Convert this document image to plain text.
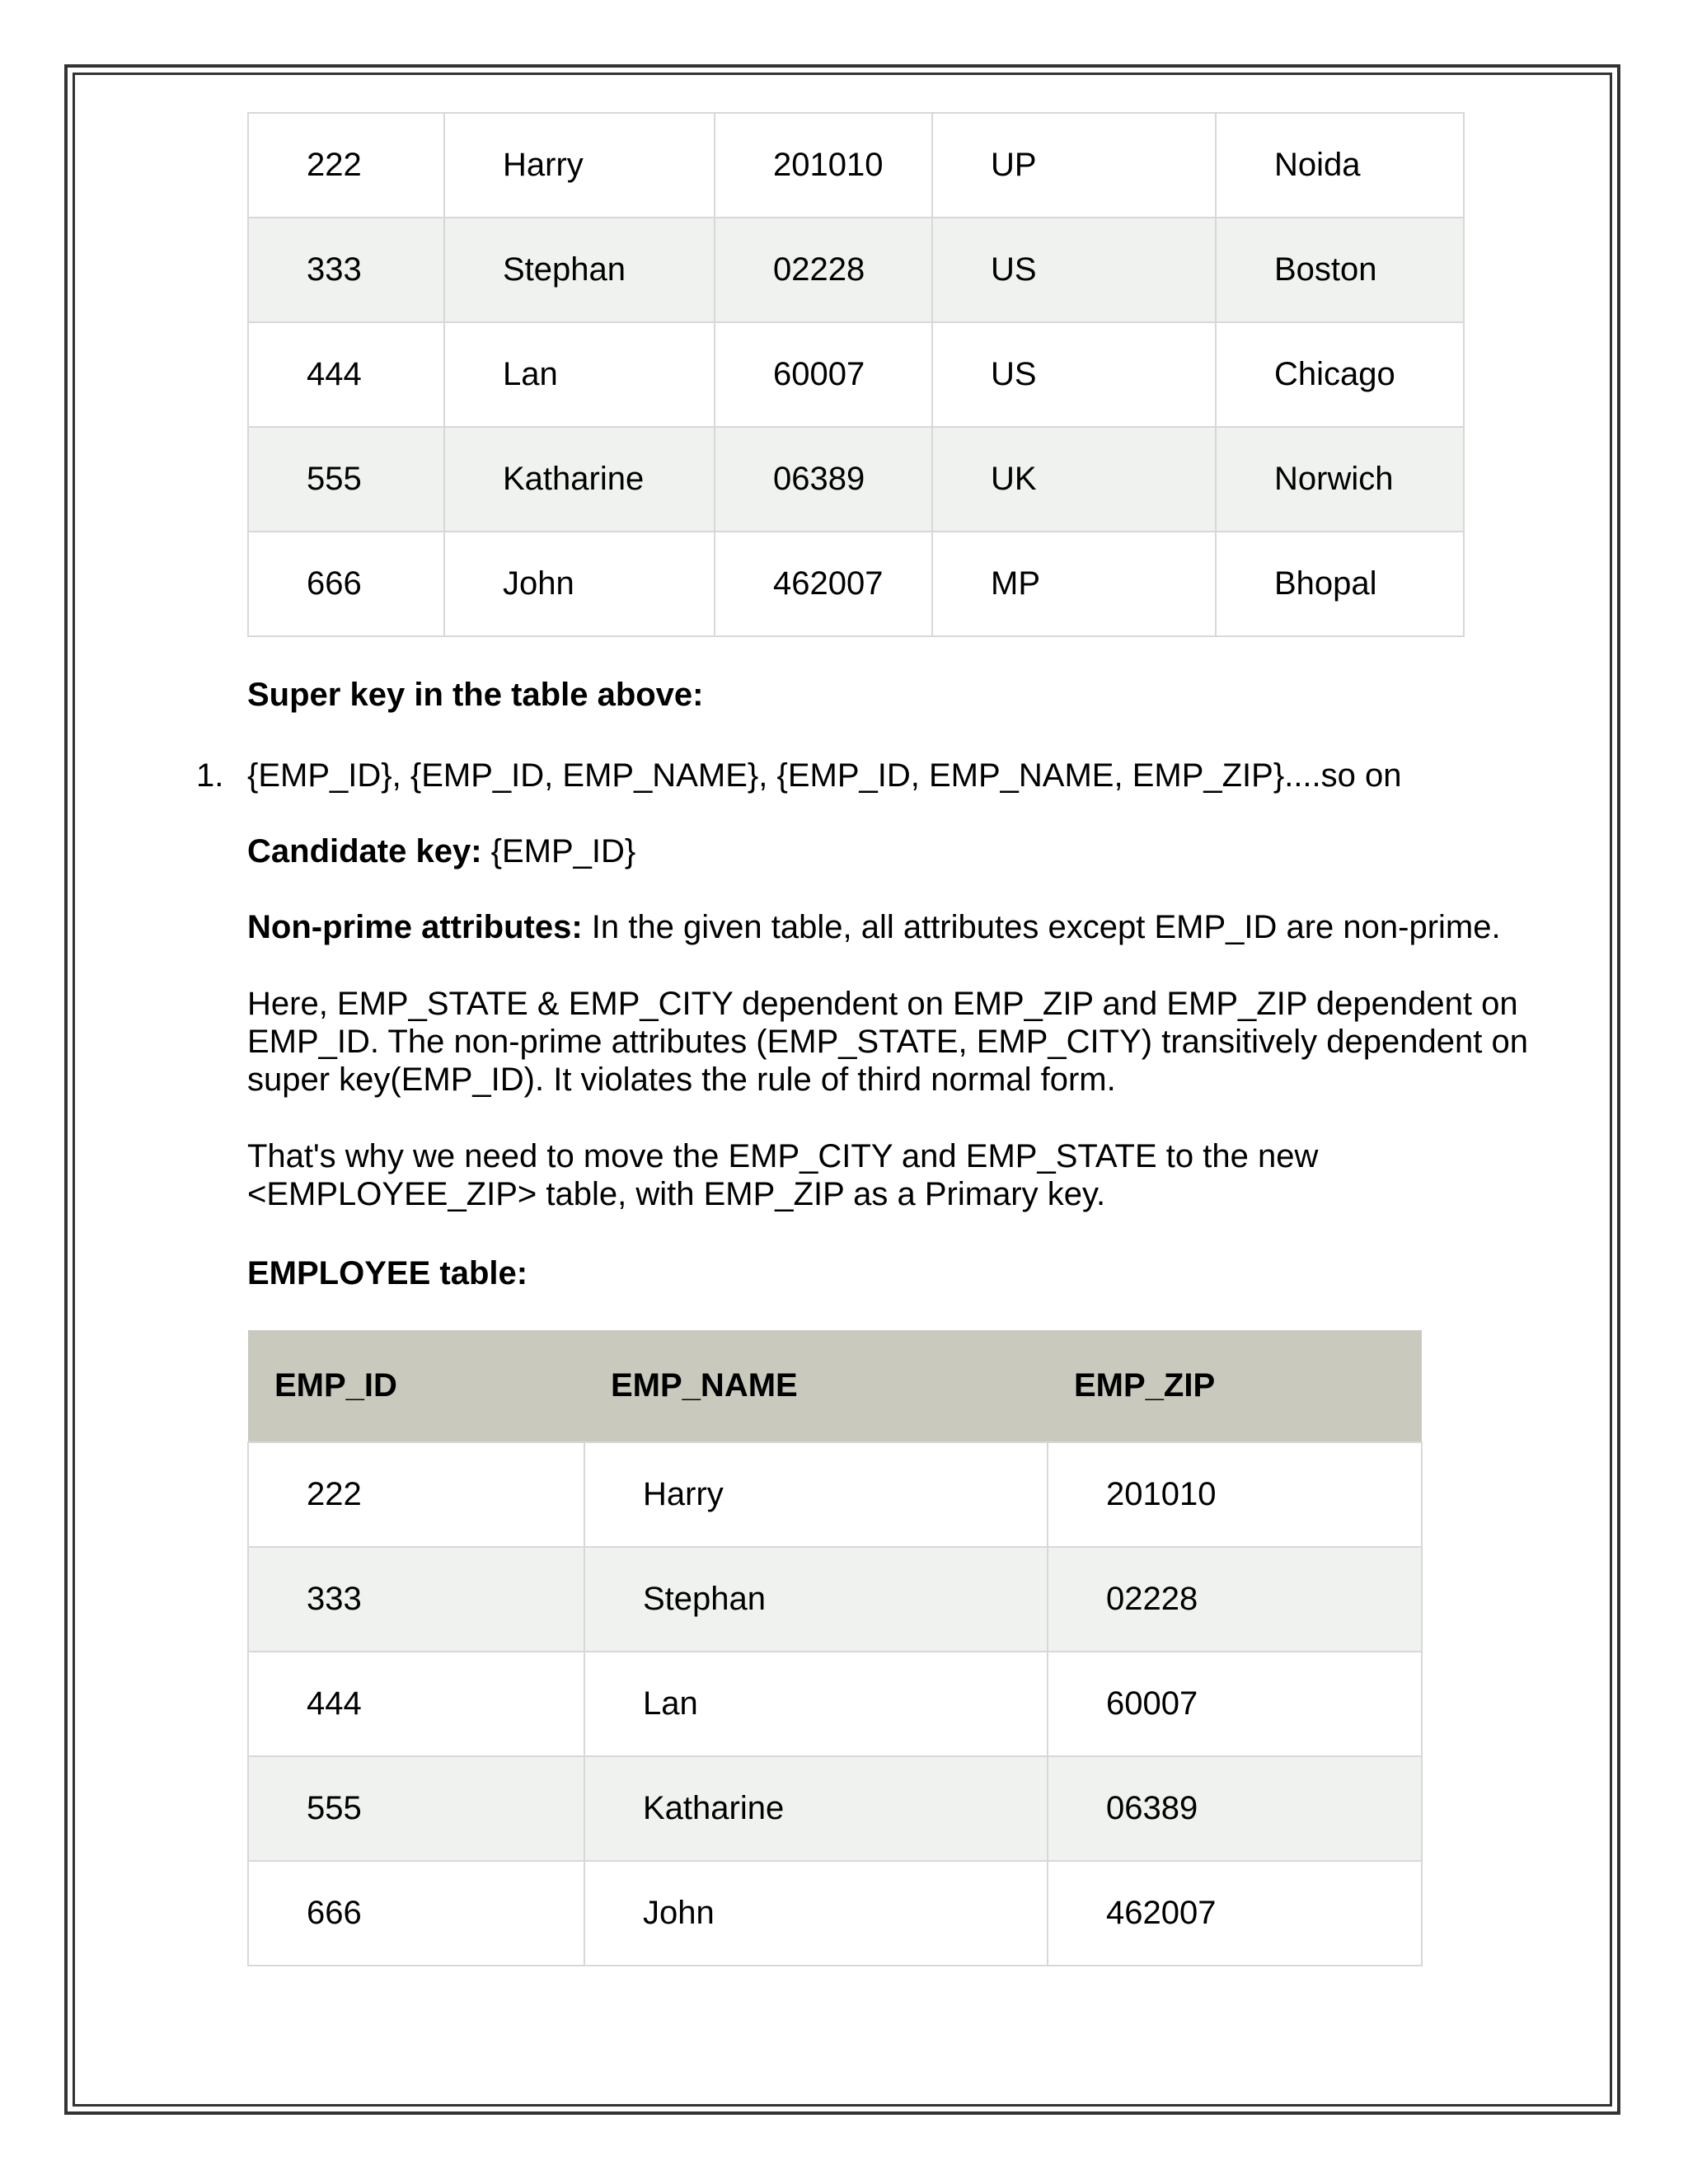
222	Harry	201010	UP	Noida
333	Stephan	02228	US	Boston
444	Lan	60007	US	Chicago
555	Katharine	06389	UK	Norwich
666	John	462007	MP	Bhopal

Super key in the table above:

1. {EMP_ID}, {EMP_ID, EMP_NAME}, {EMP_ID, EMP_NAME, EMP_ZIP}....so on

Candidate key: {EMP_ID}

Non-prime attributes: In the given table, all attributes except EMP_ID are non-prime.

Here, EMP_STATE & EMP_CITY dependent on EMP_ZIP and EMP_ZIP dependent on EMP_ID. The non-prime attributes (EMP_STATE, EMP_CITY) transitively dependent on super key(EMP_ID). It violates the rule of third normal form.

That's why we need to move the EMP_CITY and EMP_STATE to the new <EMPLOYEE_ZIP> table, with EMP_ZIP as a Primary key.

EMPLOYEE table:

EMP_ID	EMP_NAME	EMP_ZIP
222	Harry	201010
333	Stephan	02228
444	Lan	60007
555	Katharine	06389
666	John	462007
